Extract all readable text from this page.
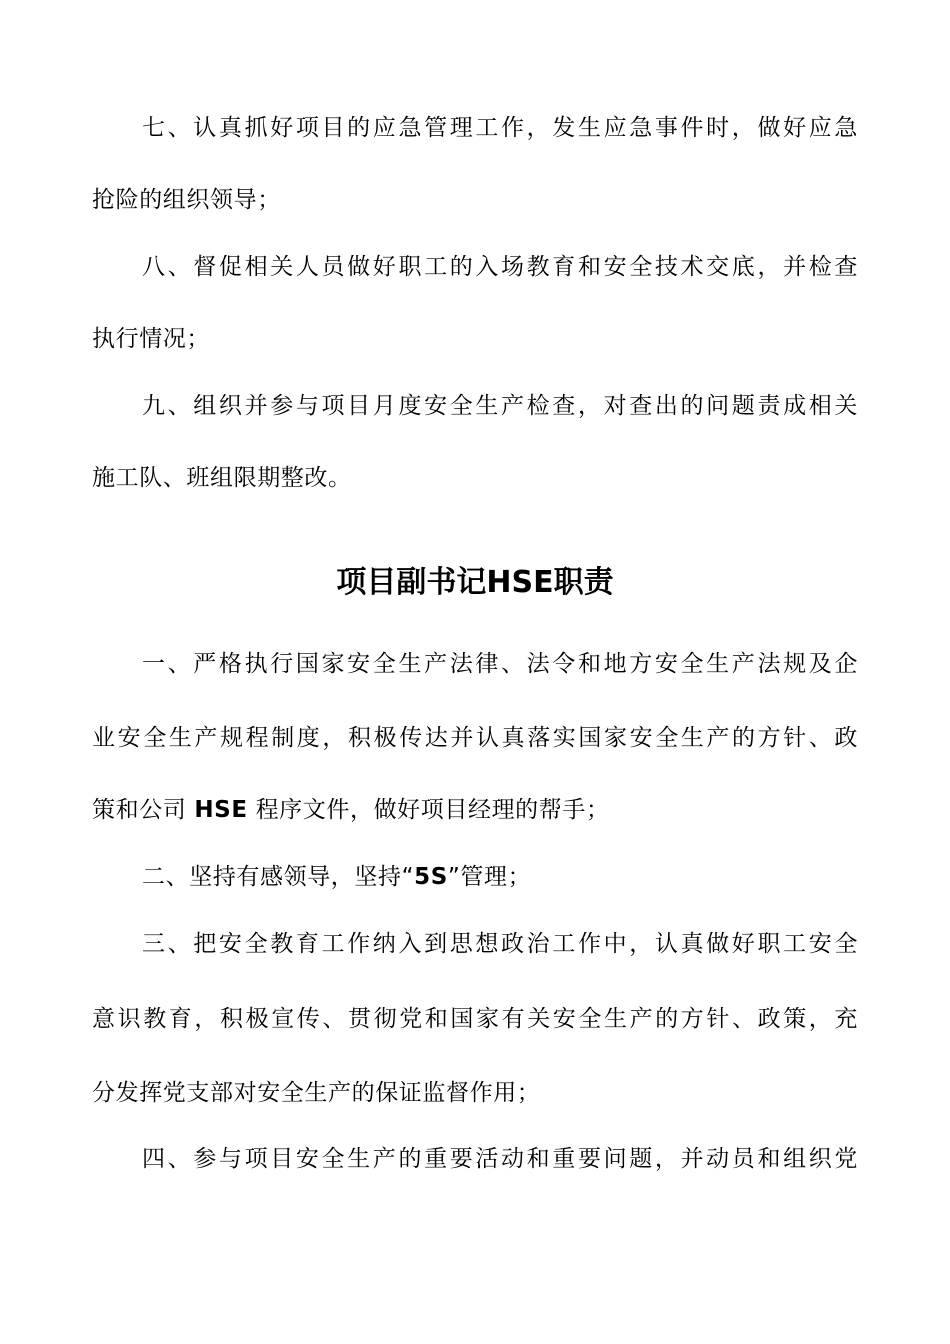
七、认真抓好项目的应急管理工作，发生应急事件时，做好应急
抢险的组织领导；
八、督促相关人员做好职工的入场教育和安全技术交底，并检查
执行情况；
九、组织并参与项目月度安全生产检查，对查出的问题责成相关
施工队、班组限期整改。
项目副书记HSE职责
一、严格执行国家安全生产法律、法令和地方安全生产法规及企
业安全生产规程制度，积极传达并认真落实国家安全生产的方针、政
策和公司 HSE 程序文件，做好项目经理的帮手；
二、坚持有感领导，坚持“5S”管理；
三、把安全教育工作纳入到思想政治工作中，认真做好职工安全
意识教育，积极宣传、贯彻党和国家有关安全生产的方针、政策，充
分发挥党支部对安全生产的保证监督作用；
四、参与项目安全生产的重要活动和重要问题，并动员和组织党
